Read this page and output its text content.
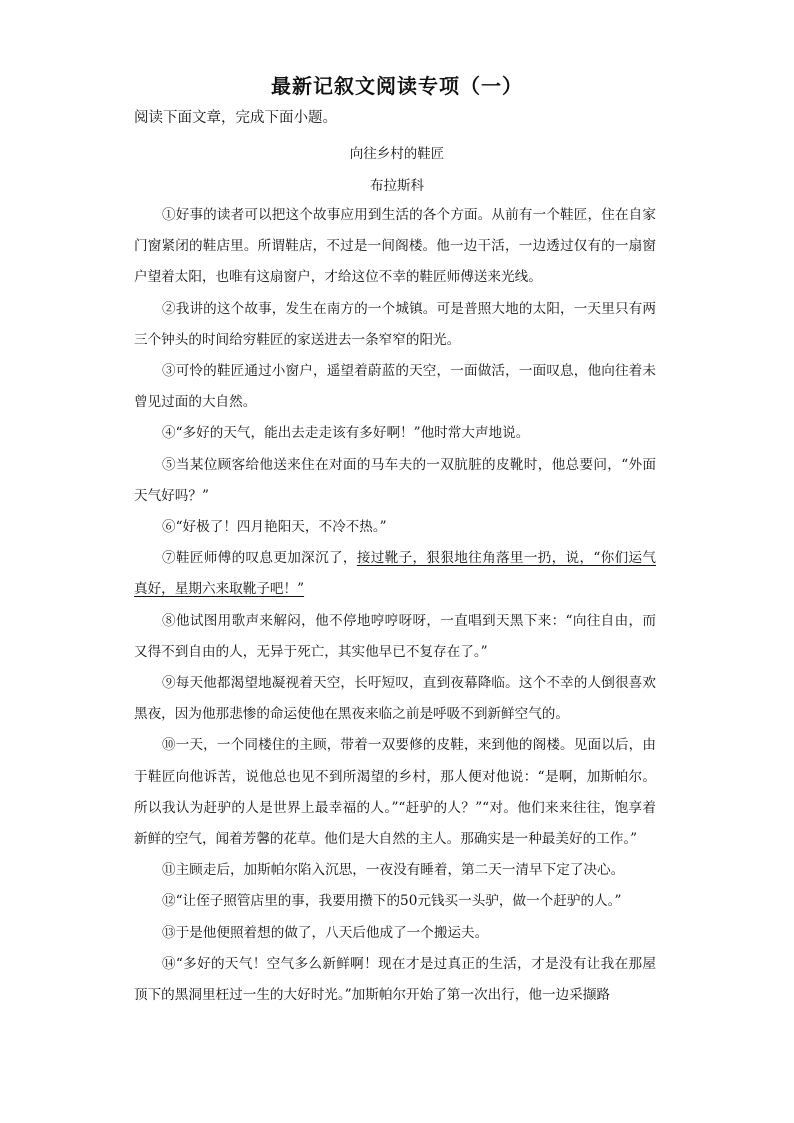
最新记叙文阅读专项（一）
阅读下面文章，完成下面小题。
向往乡村的鞋匠
布拉斯科

①好事的读者可以把这个故事应用到生活的各个方面。从前有一个鞋匠，住在自家门窗紧闭的鞋店里。所谓鞋店，不过是一间阁楼。他一边干活，一边透过仅有的一扇窗户望着太阳，也唯有这扇窗户，才给这位不幸的鞋匠师傅送来光线。

②我讲的这个故事，发生在南方的一个城镇。可是普照大地的太阳，一天里只有两三个钟头的时间给穷鞋匠的家送进去一条窄窄的阳光。

③可怜的鞋匠通过小窗户，遥望着蔚蓝的天空，一面做活，一面叹息，他向往着未曾见过面的大自然。

④“多好的天气，能出去走走该有多好啊！”他时常大声地说。

⑤当某位顾客给他送来住在对面的马车夫的一双肮脏的皮靴时，他总要问，“外面天气好吗？”

⑥“好极了！四月艳阳天，不冷不热。”

⑦鞋匠师傅的叹息更加深沉了，接过靴子，狠狠地往角落里一扔，说，“你们运气真好，星期六来取靴子吧！”

⑧他试图用歌声来解闷，他不停地哼哼呀呀，一直唱到天黑下来：“向往自由，而又得不到自由的人，无异于死亡，其实他早已不复存在了。”

⑨每天他都渴望地凝视着天空，长吁短叹，直到夜幕降临。这个不幸的人倒很喜欢黑夜，因为他那悲惨的命运使他在黑夜来临之前是呼吸不到新鲜空气的。

⑩一天，一个同楼住的主顾，带着一双要修的皮鞋，来到他的阁楼。见面以后，由于鞋匠向他诉苦，说他总也见不到所渴望的乡村，那人便对他说：“是啊，加斯帕尔。所以我认为赶驴的人是世界上最幸福的人。”“赶驴的人？”“对。他们来来往往，饱享着新鲜的空气，闻着芳馨的花草。他们是大自然的主人。那确实是一种最美好的工作。”

⑪主顾走后，加斯帕尔陷入沉思，一夜没有睡着，第二天一清早下定了决心。

⑫“让侄子照管店里的事，我要用攒下的50元钱买一头驴，做一个赶驴的人。”

⑬于是他便照着想的做了，八天后他成了一个搬运夫。

⑭“多好的天气！空气多么新鲜啊！现在才是过真正的生活，才是没有让我在那屋顶下的黑洞里枉过一生的大好时光。”加斯帕尔开始了第一次出行，他一边采撷路
